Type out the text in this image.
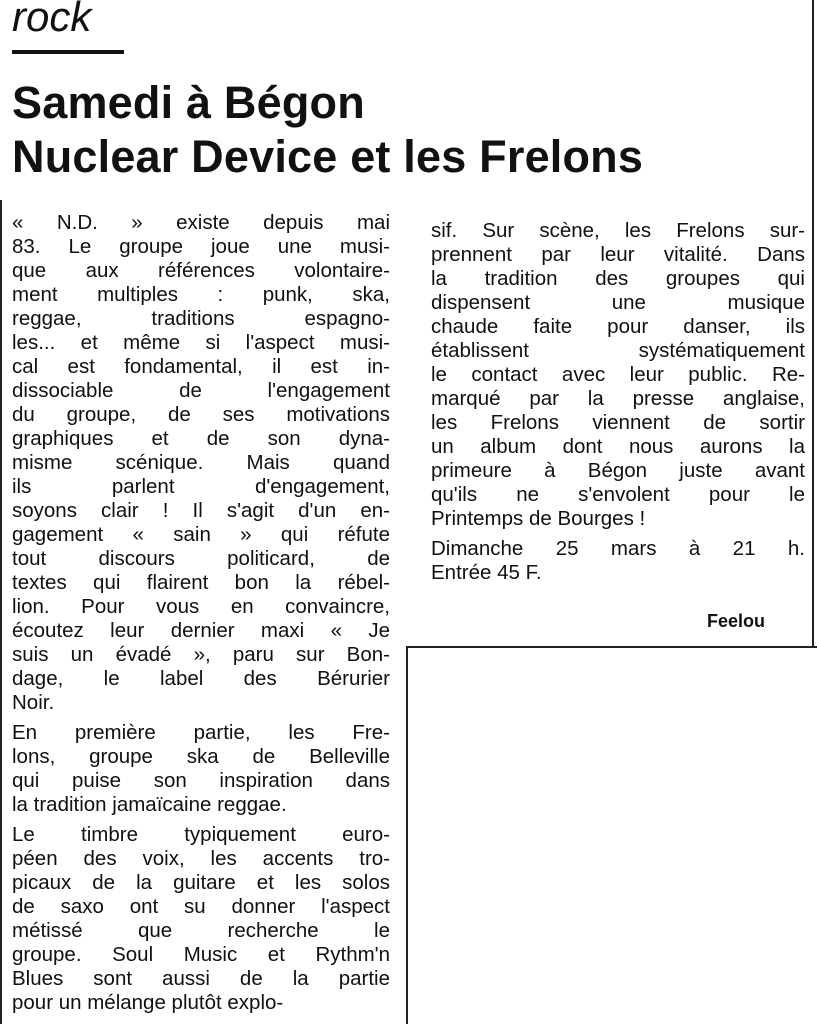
rock
Samedi à Bégon
Nuclear Device et les Frelons
« N.D. » existe depuis mai
83. Le groupe joue une musi-
que aux références volontaire-
ment multiples : punk, ska,
reggae, traditions espagno-
les... et même si l'aspect musi-
cal est fondamental, il est in-
dissociable de l'engagement
du groupe, de ses motivations
graphiques et de son dyna-
misme scénique. Mais quand
ils parlent d'engagement,
soyons clair ! Il s'agit d'un en-
gagement « sain » qui réfute
tout discours politicard, de
textes qui flairent bon la rébel-
lion. Pour vous en convaincre,
écoutez leur dernier maxi « Je
suis un évadé », paru sur Bon-
dage, le label des Bérurier
Noir.
En première partie, les Fre-
lons, groupe ska de Belleville
qui puise son inspiration dans
la tradition jamaïcaine reggae.
Le timbre typiquement euro-
péen des voix, les accents tro-
picaux de la guitare et les solos
de saxo ont su donner l'aspect
métissé que recherche le
groupe. Soul Music et Rythm'n
Blues sont aussi de la partie
pour un mélange plutôt explo-
sif. Sur scène, les Frelons sur-
prennent par leur vitalité. Dans
la tradition des groupes qui
dispensent une musique
chaude faite pour danser, ils
établissent systématiquement
le contact avec leur public. Re-
marqué par la presse anglaise,
les Frelons viennent de sortir
un album dont nous aurons la
primeure à Bégon juste avant
qu'ils ne s'envolent pour le
Printemps de Bourges !
Dimanche 25 mars à 21 h.
Entrée 45 F.
Feelou
